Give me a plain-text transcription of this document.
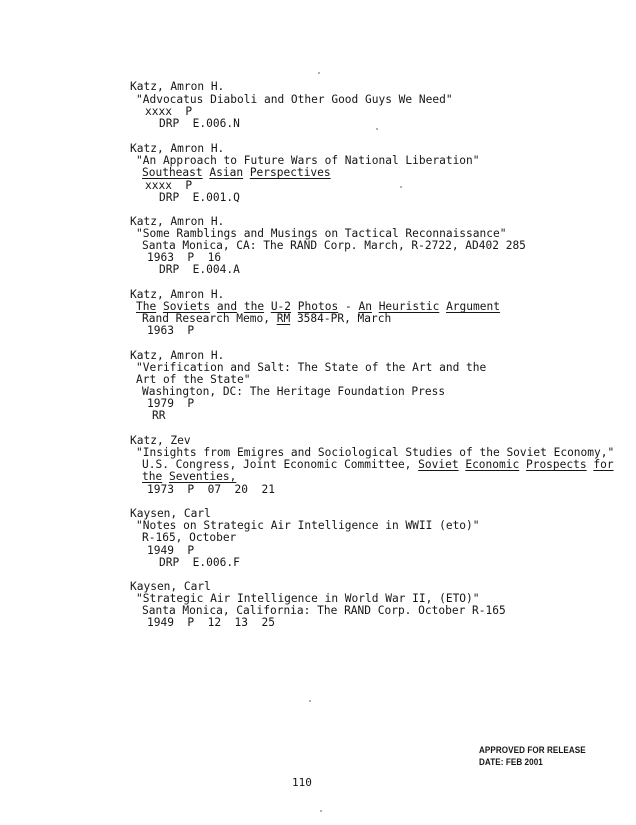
Katz, Amron H.
"Advocatus Diaboli and Other Good Guys We Need"
xxxx  P
DRP  E.006.N
Katz, Amron H.
"An Approach to Future Wars of National Liberation"
Southeast Asian Perspectives
xxxx  P
DRP  E.001.Q
Katz, Amron H.
"Some Ramblings and Musings on Tactical Reconnaissance"
Santa Monica, CA: The RAND Corp. March, R-2722, AD402 285
1963  P  16
DRP  E.004.A
Katz, Amron H.
The Soviets and the U-2 Photos - An Heuristic Argument
Rand Research Memo, RM 3584-PR, March
1963  P
Katz, Amron H.
"Verification and Salt: The State of the Art and the
Art of the State"
Washington, DC: The Heritage Foundation Press
1979  P
RR
Katz, Zev
"Insights from Emigres and Sociological Studies of the Soviet Economy,"
U.S. Congress, Joint Economic Committee, Soviet Economic Prospects for
the Seventies,
1973  P  07  20  21
Kaysen, Carl
"Notes on Strategic Air Intelligence in WWII (eto)"
R-165, October
1949  P
DRP  E.006.F
Kaysen, Carl
"Strategic Air Intelligence in World War II, (ETO)"
Santa Monica, California: The RAND Corp. October R-165
1949  P  12  13  25
APPROVED FOR RELEASE
DATE: FEB 2001
110
